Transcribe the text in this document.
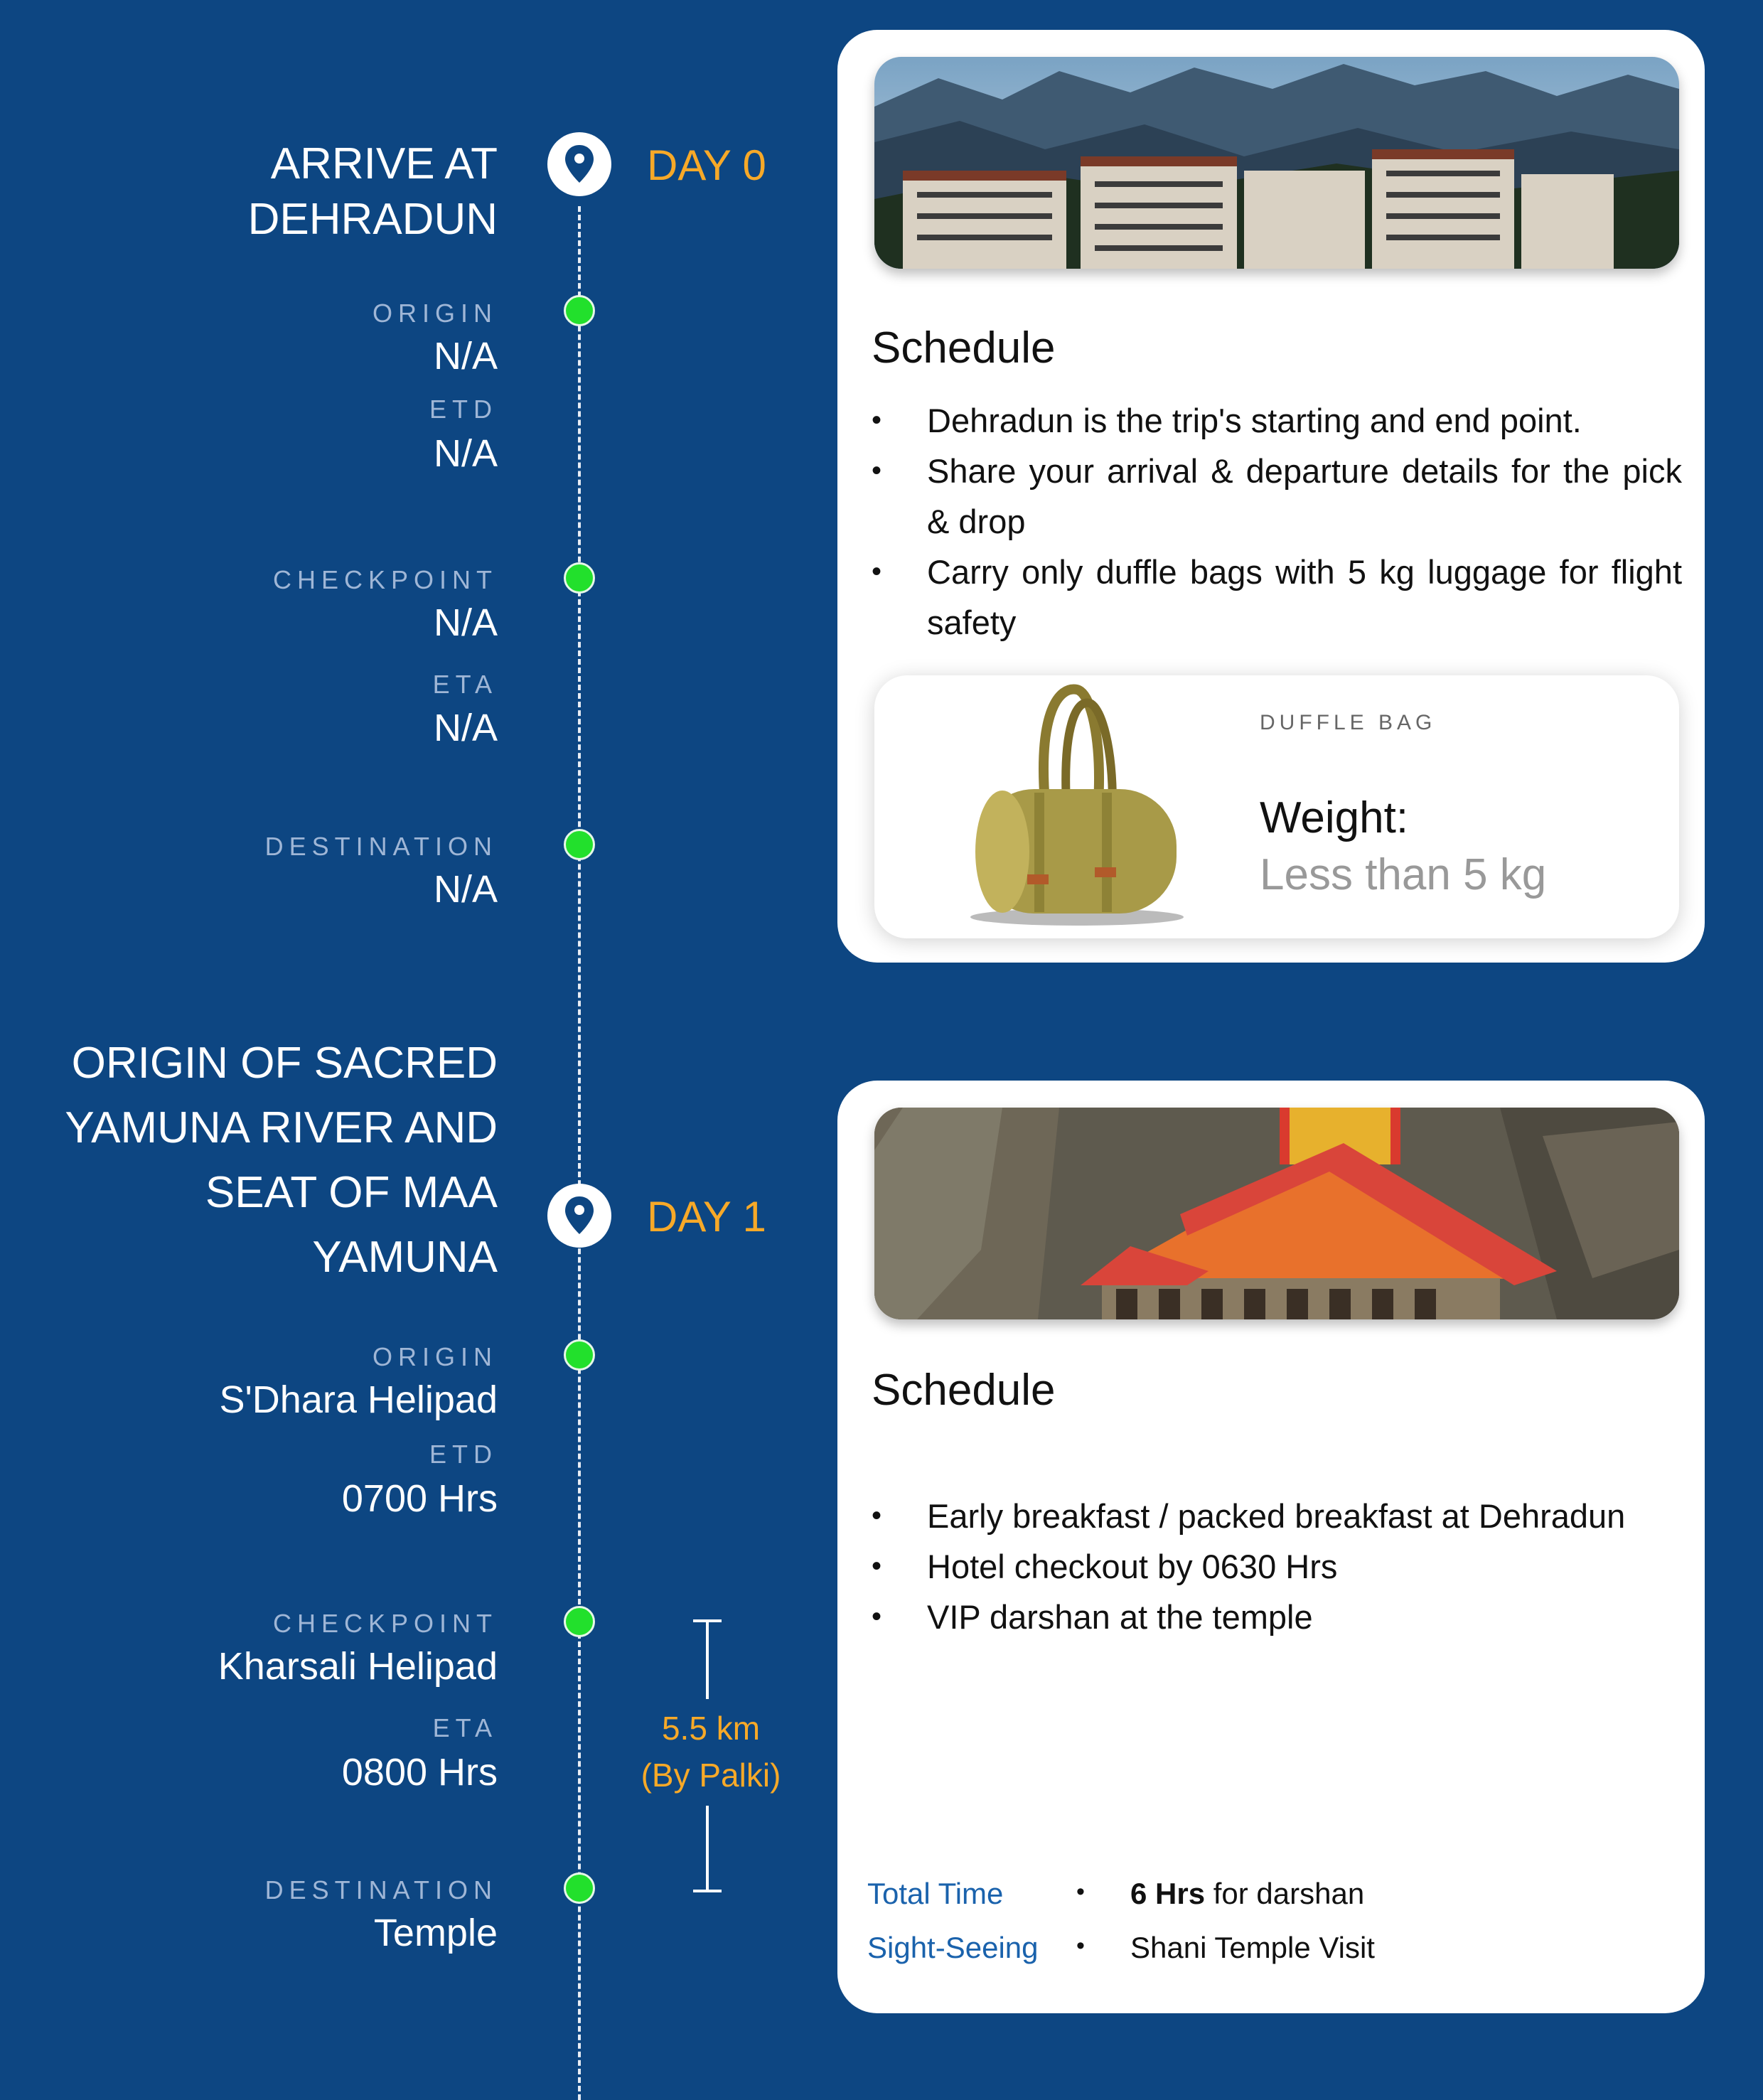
ARRIVE AT
DEHRADUN
DAY 0
ORIGIN
N/A
ETD
N/A
CHECKPOINT
N/A
ETA
N/A
DESTINATION
N/A
Schedule
• Dehradun is the trip's starting and end point.
• Share your arrival & departure details for the pick & drop
• Carry only duffle bags with 5 kg luggage for flight safety
DUFFLE BAG
Weight:
Less than 5 kg
ORIGIN OF SACRED
YAMUNA RIVER AND
SEAT OF MAA
YAMUNA
DAY 1
ORIGIN
S'Dhara Helipad
ETD
0700 Hrs
CHECKPOINT
Kharsali Helipad
ETA
0800 Hrs
DESTINATION
Temple
5.5 km
(By Palki)
Schedule
• Early breakfast / packed breakfast at Dehradun
• Hotel checkout by 0630 Hrs
• VIP darshan at the temple
Total Time	• 6 Hrs for darshan
Sight-Seeing • Shani Temple Visit
